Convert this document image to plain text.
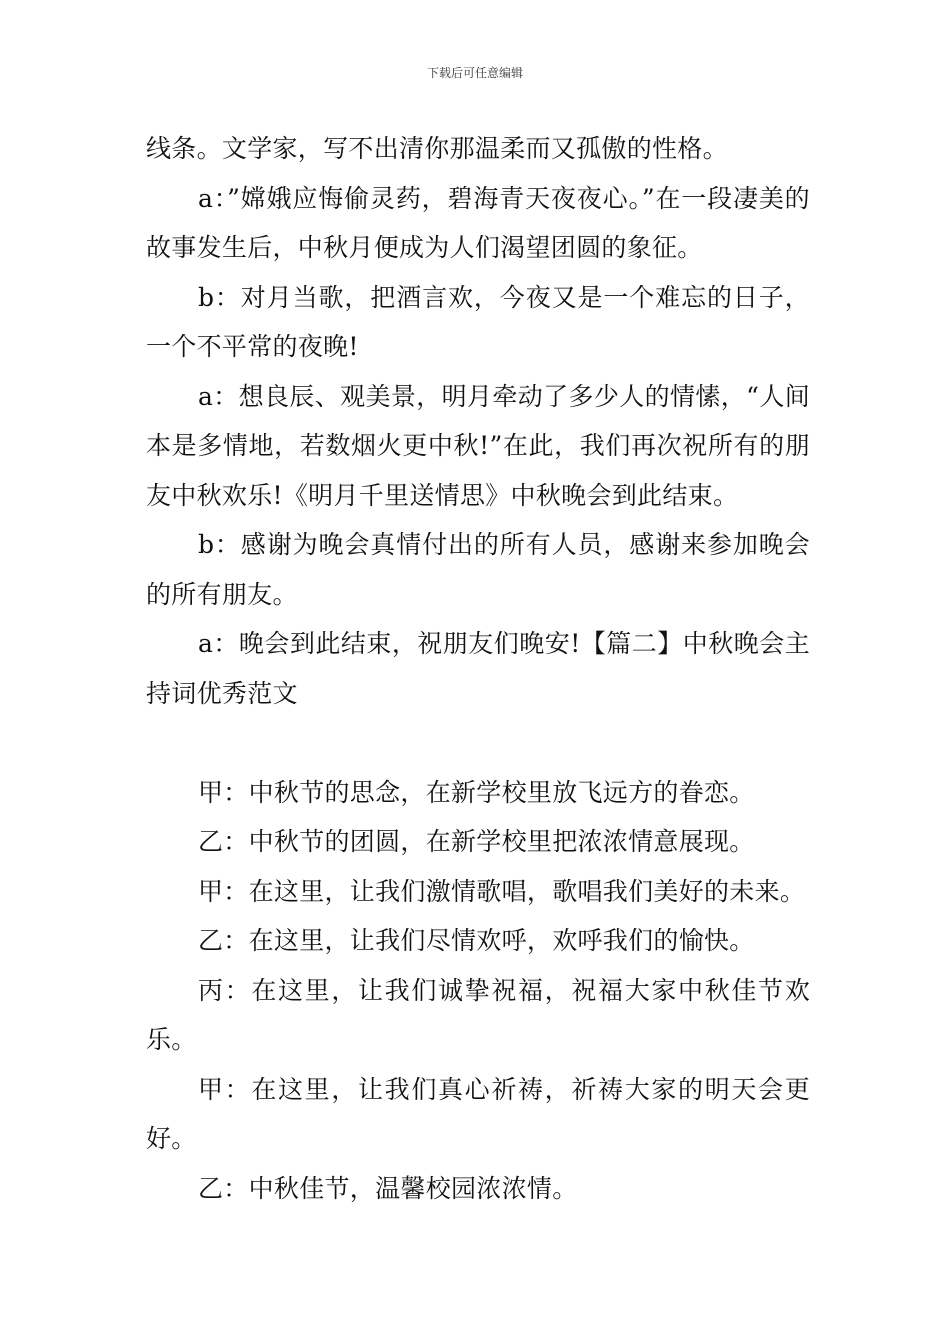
下载后可任意编辑

线条。文学家，写不出清你那温柔而又孤傲的性格。

a：”嫦娥应悔偷灵药，碧海青天夜夜心。”在一段凄美的故事发生后，中秋月便成为人们渴望团圆的象征。

b：对月当歌，把酒言欢，今夜又是一个难忘的日子，一个不平常的夜晚!

a：想良辰、观美景，明月牵动了多少人的情愫，“人间本是多情地，若数烟火更中秋!”在此，我们再次祝所有的朋友中秋欢乐!《明月千里送情思》中秋晚会到此结束。

b：感谢为晚会真情付出的所有人员，感谢来参加晚会的所有朋友。

a：晚会到此结束，祝朋友们晚安!【篇二】中秋晚会主持词优秀范文

甲：中秋节的思念，在新学校里放飞远方的眷恋。

乙：中秋节的团圆，在新学校里把浓浓情意展现。

甲：在这里，让我们激情歌唱，歌唱我们美好的未来。

乙：在这里，让我们尽情欢呼，欢呼我们的愉快。

丙：在这里，让我们诚挚祝福，祝福大家中秋佳节欢乐。

甲：在这里，让我们真心祈祷，祈祷大家的明天会更好。

乙：中秋佳节，温馨校园浓浓情。
